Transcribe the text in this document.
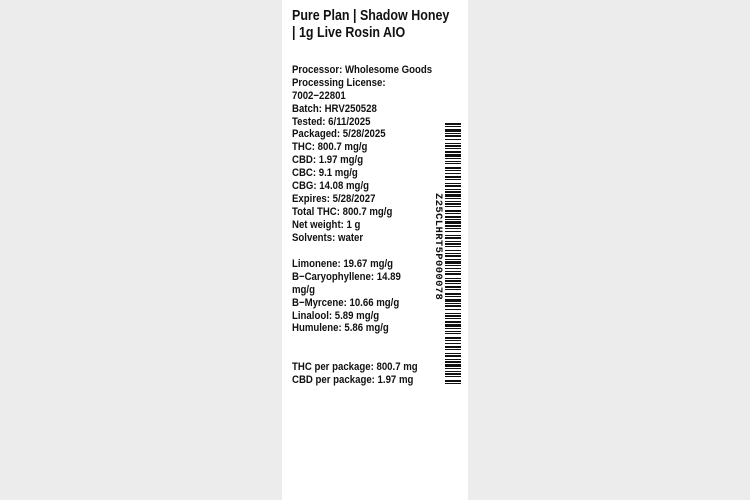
Pure Plan | Shadow Honey
| 1g Live Rosin AIO
Processor: Wholesome Goods
Processing License:
7002−22801
Batch: HRV250528
Tested: 6/11/2025
Packaged: 5/28/2025
THC: 800.7 mg/g
CBD: 1.97 mg/g
CBC: 9.1 mg/g
CBG: 14.08 mg/g
Expires: 5/28/2027
Total THC: 800.7 mg/g
Net weight: 1 g
Solvents: water
Limonene: 19.67 mg/g
B−Caryophyllene: 14.89
mg/g
B−Myrcene: 10.66 mg/g
Linalool: 5.89 mg/g
Humulene: 5.86 mg/g
THC per package: 800.7 mg
CBD per package: 1.97 mg
Z25CLHRT5P000078
